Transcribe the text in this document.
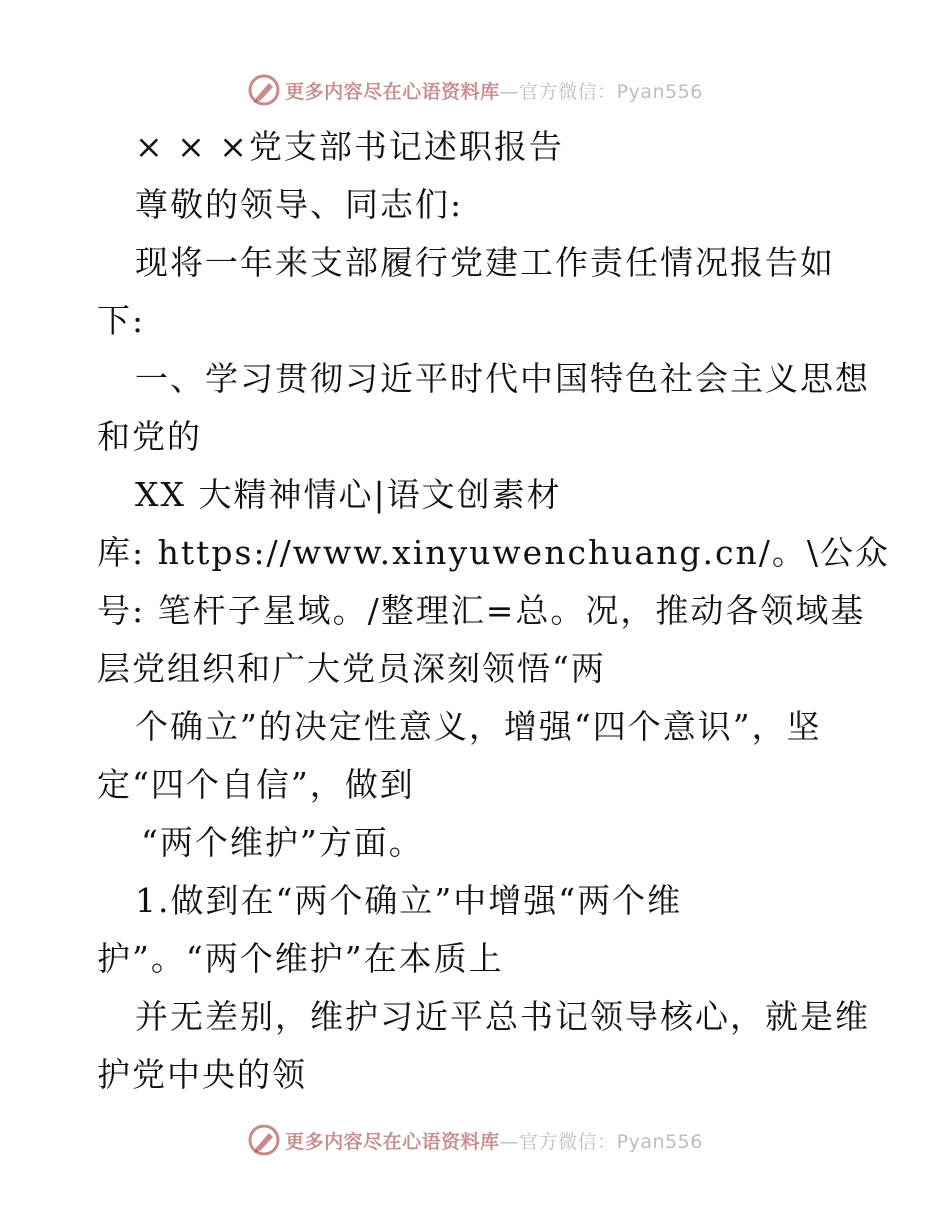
更多内容尽在心语资料库—官方微信：Pyan556
× × ×党支部书记述职报告
尊敬的领导、同志们:
现将一年来支部履行党建工作责任情况报告如
下:
一、学习贯彻习近平时代中国特色社会主义思想
和党的
XX 大精神情心|语文创素材
库: https://www.xinyuwenchuang.cn/。\公众
号: 笔杆子星域。/整理汇=总。况，推动各领域基
层党组织和广大党员深刻领悟“两
个确立”的决定性意义，增强“四个意识”，坚
定“四个自信”，做到
“两个维护”方面。
1.做到在“两个确立”中增强“两个维
护”。“两个维护”在本质上
并无差别，维护习近平总书记领导核心，就是维
护党中央的领
更多内容尽在心语资料库—官方微信：Pyan556
